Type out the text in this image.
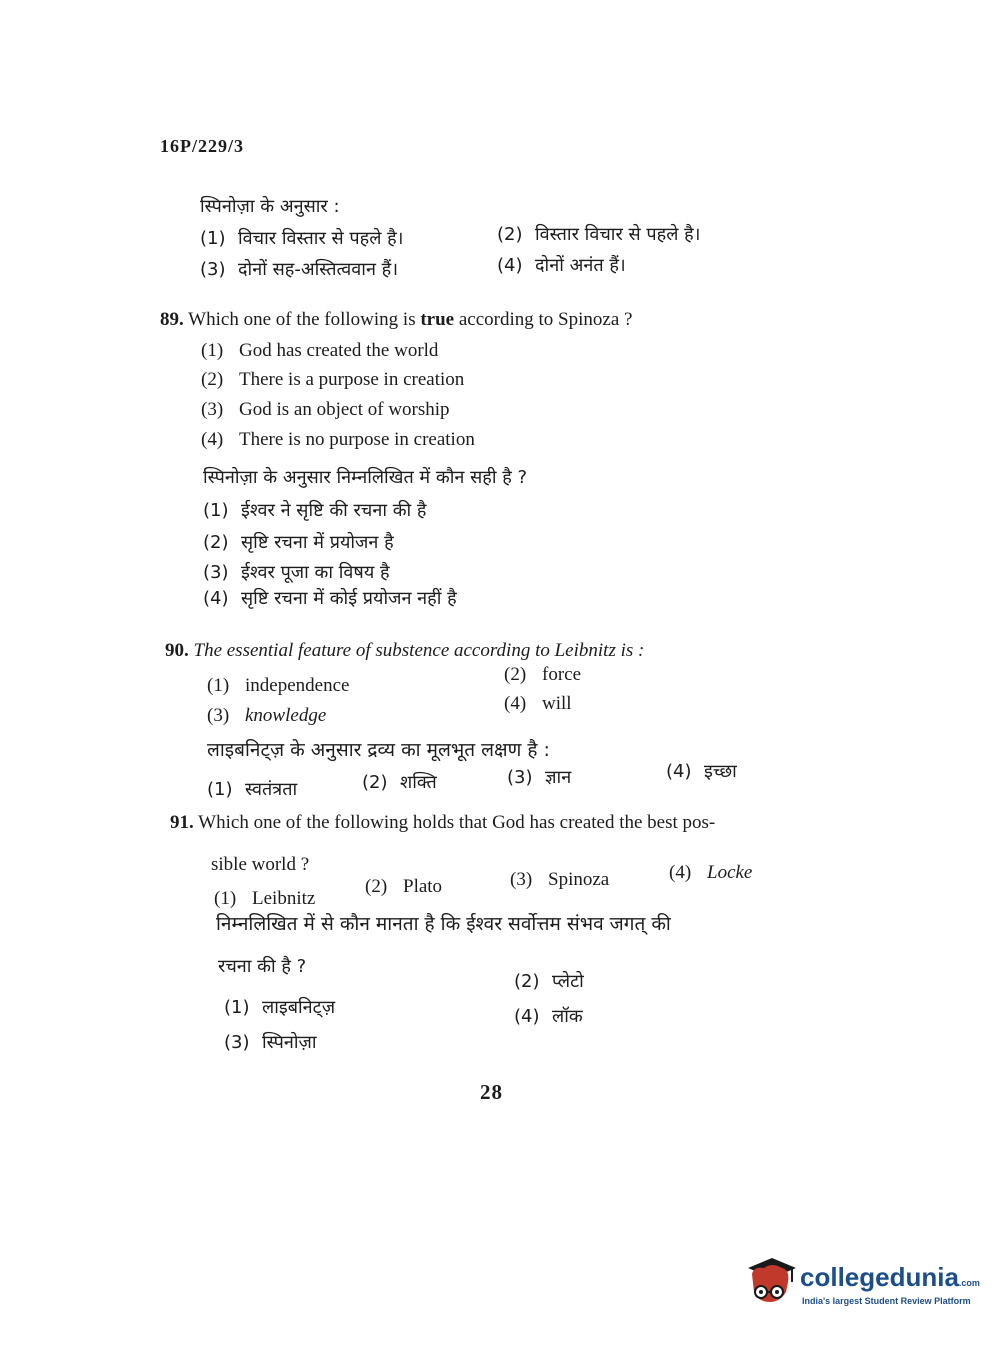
16P/229/3
स्पिनोज़ा के अनुसार :
(1) विचार विस्तार से पहले है।	(2) विस्तार विचार से पहले है।
(3) दोनों सह-अस्तित्ववान हैं।	(4) दोनों अनंत हैं।
89. Which one of the following is true according to Spinoza ?
(1) God has created the world
(2) There is a purpose in creation
(3) God is an object of worship
(4) There is no purpose in creation
स्पिनोज़ा के अनुसार निम्नलिखित में कौन सही है ?
(1) ईश्वर ने सृष्टि की रचना की है
(2) सृष्टि रचना में प्रयोजन है
(3) ईश्वर पूजा का विषय है
(4) सृष्टि रचना में कोई प्रयोजन नहीं है
90. The essential feature of substence according to Leibnitz is :
(1) independence
(2) force
(3) knowledge
(4) will
लाइबनिट्ज़ के अनुसार द्रव्य का मूलभूत लक्षण है :
(1) स्वतंत्रता	(2) शक्ति	(3) ज्ञान	(4) इच्छा
91. Which one of the following holds that God has created the best pos-
sible world ?
(1) Leibnitz
(2) Plato	(3) Spinoza	(4) Locke
निम्नलिखित में से कौन मानता है कि ईश्वर सर्वोत्तम संभव जगत् की
रचना की है ?
(1) लाइबनिट्ज़
(2) प्लेटो
(3) स्पिनोज़ा
(4) लॉक
28
collegedunia.com
India's largest Student Review Platform
